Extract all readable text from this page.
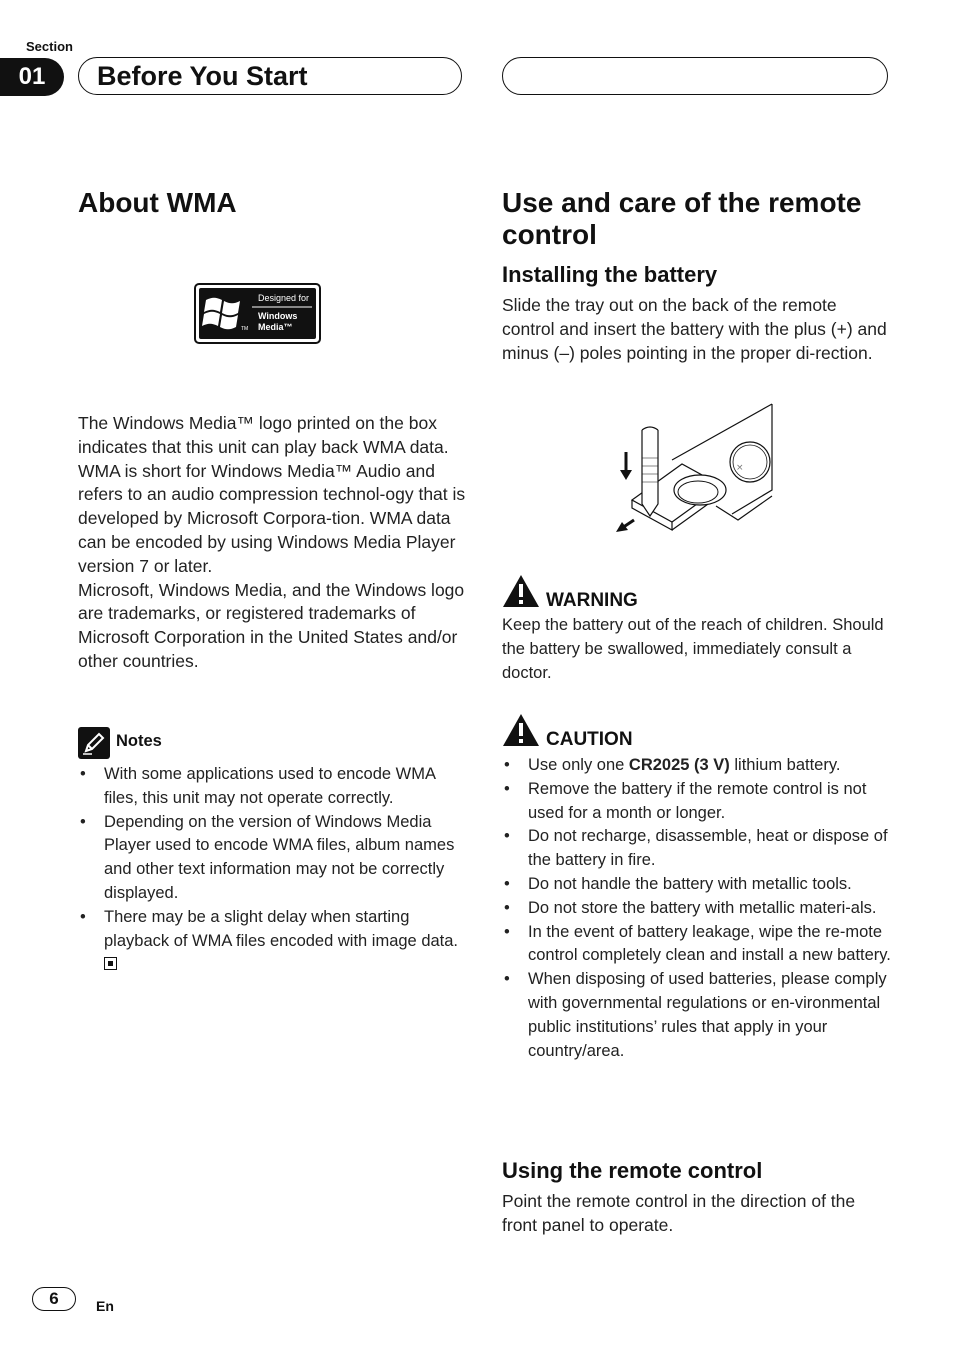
Section
01	Before You Start
About WMA
Designed for
Windows
Media™
TM

The Windows Media™ logo printed on the box indicates that this unit can play back WMA data.

WMA is short for Windows Media™ Audio and refers to an audio compression technol-ogy that is developed by Microsoft Corpora-tion. WMA data can be encoded by using Windows Media Player version 7 or later.

Microsoft, Windows Media, and the Windows logo are trademarks, or registered trademarks of Microsoft Corporation in the United States and/or other countries.

Notes
• With some applications used to encode WMA files, this unit may not operate correctly.
• Depending on the version of Windows Media Player used to encode WMA files, album names and other text information may not be correctly displayed.
• There may be a slight delay when starting playback of WMA files encoded with image data.
Use and care of the remote control
Installing the battery

Slide the tray out on the back of the remote control and insert the battery with the plus (+) and minus (–) poles pointing in the proper di-rection.

×
WARNING
Keep the battery out of the reach of children. Should the battery be swallowed, immediately consult a doctor.
CAUTION
• Use only one CR2025 (3 V) lithium battery.
• Remove the battery if the remote control is not used for a month or longer.
• Do not recharge, disassemble, heat or dispose of the battery in fire.
• Do not handle the battery with metallic tools.
• Do not store the battery with metallic materi-als.
• In the event of battery leakage, wipe the re-mote control completely clean and install a new battery.
• When disposing of used batteries, please comply with governmental regulations or en-vironmental public institutions’ rules that apply in your country/area.
Using the remote control

Point the remote control in the direction of the front panel to operate.

6	En
